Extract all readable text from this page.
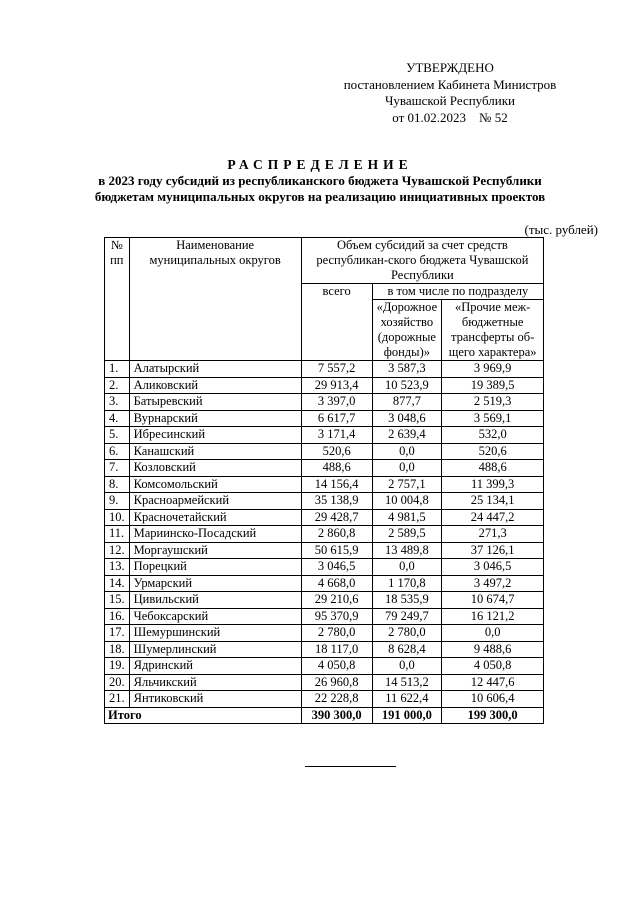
УТВЕРЖДЕНО
постановлением Кабинета Министров
Чувашской Республики
от 01.02.2023    № 52
РАСПРЕДЕЛЕНИЕ
в 2023 году субсидий из республиканского бюджета Чувашской Республики
бюджетам муниципальных округов на реализацию инициативных проектов
(тыс. рублей)
№ пп	Наименование муниципальных округов	Объем субсидий за счет средств республикан-ского бюджета Чувашской Республики		
		всего	в том числе по подразделу	
			«Дорожное хозяйство (дорожные фонды)»	«Прочие меж-бюджетные трансферты об-щего характера»
1.	Алатырский	7 557,2	3 587,3	3 969,9
2.	Аликовский	29 913,4	10 523,9	19 389,5
3.	Батыревский	3 397,0	877,7	2 519,3
4.	Вурнарский	6 617,7	3 048,6	3 569,1
5.	Ибресинский	3 171,4	2 639,4	532,0
6.	Канашский	520,6	0,0	520,6
7.	Козловский	488,6	0,0	488,6
8.	Комсомольский	14 156,4	2 757,1	11 399,3
9.	Красноармейский	35 138,9	10 004,8	25 134,1
10.	Красночетайский	29 428,7	4 981,5	24 447,2
11.	Мариинско-Посадский	2 860,8	2 589,5	271,3
12.	Моргаушский	50 615,9	13 489,8	37 126,1
13.	Порецкий	3 046,5	0,0	3 046,5
14.	Урмарский	4 668,0	1 170,8	3 497,2
15.	Цивильский	29 210,6	18 535,9	10 674,7
16.	Чебоксарский	95 370,9	79 249,7	16 121,2
17.	Шемуршинский	2 780,0	2 780,0	0,0
18.	Шумерлинский	18 117,0	8 628,4	9 488,6
19.	Ядринский	4 050,8	0,0	4 050,8
20.	Яльчикский	26 960,8	14 513,2	12 447,6
21.	Янтиковский	22 228,8	11 622,4	10 606,4
Итого		390 300,0	191 000,0	199 300,0
